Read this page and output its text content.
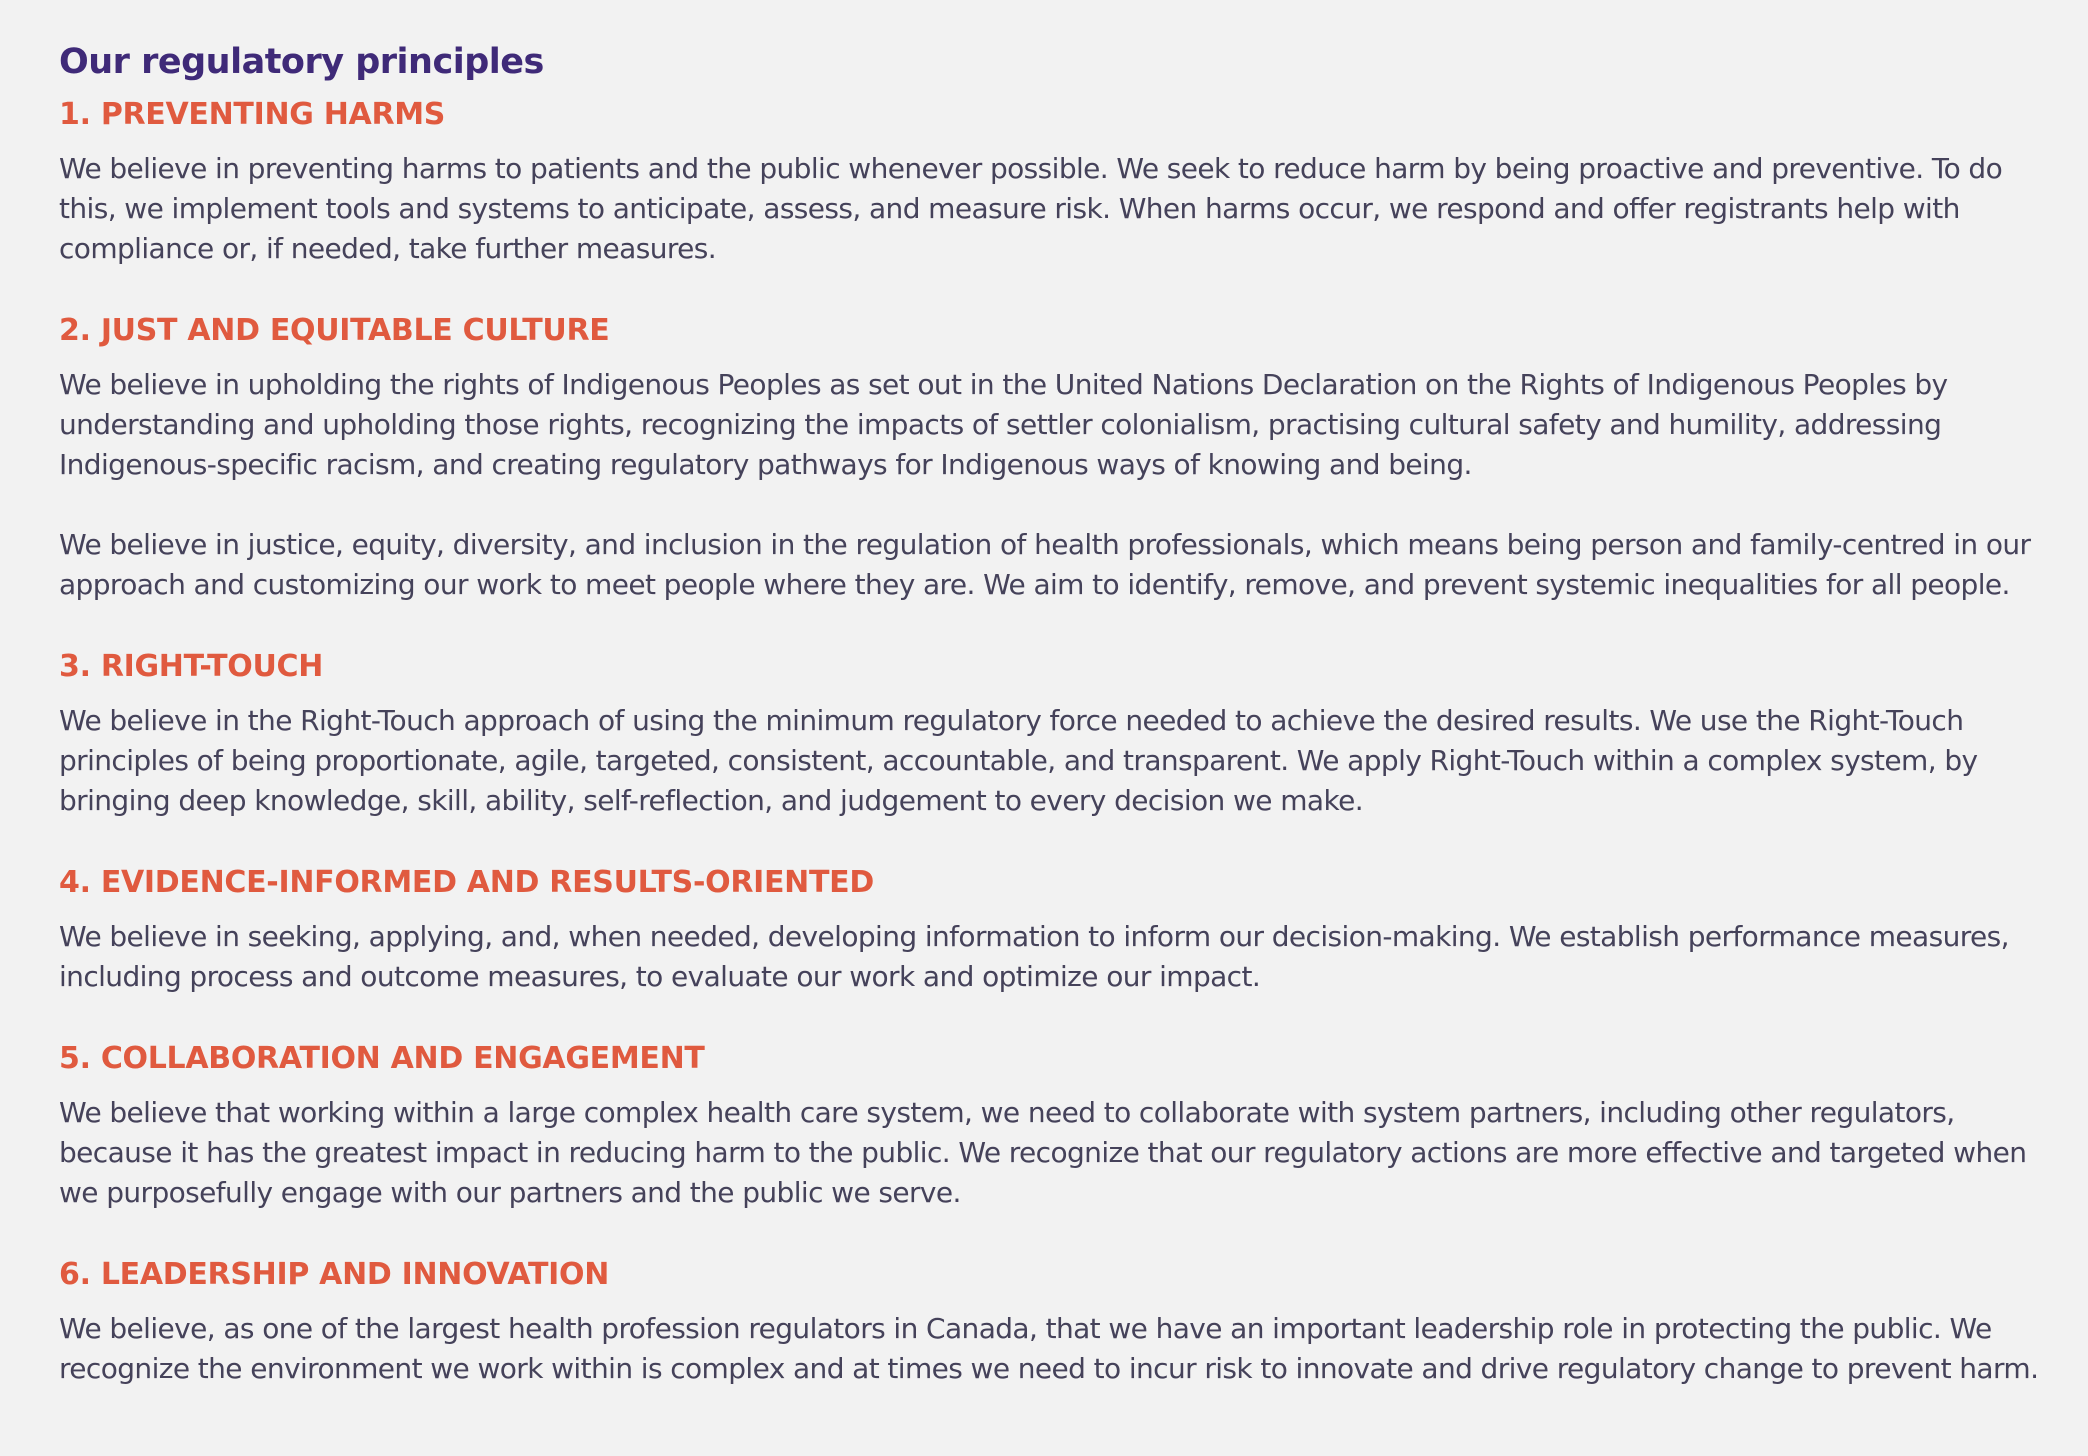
Our regulatory principles
1. PREVENTING HARMS

We believe in preventing harms to patients and the public whenever possible. We seek to reduce harm by being proactive and preventive. To do this, we implement tools and systems to anticipate, assess, and measure risk. When harms occur, we respond and offer registrants help with compliance or, if needed, take further measures.

2. JUST AND EQUITABLE CULTURE

We believe in upholding the rights of Indigenous Peoples as set out in the United Nations Declaration on the Rights of Indigenous Peoples by understanding and upholding those rights, recognizing the impacts of settler colonialism, practising cultural safety and humility, addressing Indigenous-specific racism, and creating regulatory pathways for Indigenous ways of knowing and being.

We believe in justice, equity, diversity, and inclusion in the regulation of health professionals, which means being person and family-centred in our approach and customizing our work to meet people where they are. We aim to identify, remove, and prevent systemic inequalities for all people.

3. RIGHT-TOUCH

We believe in the Right-Touch approach of using the minimum regulatory force needed to achieve the desired results. We use the Right-Touch principles of being proportionate, agile, targeted, consistent, accountable, and transparent. We apply Right-Touch within a complex system, by bringing deep knowledge, skill, ability, self-reflection, and judgement to every decision we make.

4. EVIDENCE-INFORMED AND RESULTS-ORIENTED

We believe in seeking, applying, and, when needed, developing information to inform our decision-making. We establish performance measures, including process and outcome measures, to evaluate our work and optimize our impact.

5. COLLABORATION AND ENGAGEMENT

We believe that working within a large complex health care system, we need to collaborate with system partners, including other regulators, because it has the greatest impact in reducing harm to the public. We recognize that our regulatory actions are more effective and targeted when we purposefully engage with our partners and the public we serve.

6. LEADERSHIP AND INNOVATION

We believe, as one of the largest health profession regulators in Canada, that we have an important leadership role in protecting the public. We recognize the environment we work within is complex and at times we need to incur risk to innovate and drive regulatory change to prevent harm.
